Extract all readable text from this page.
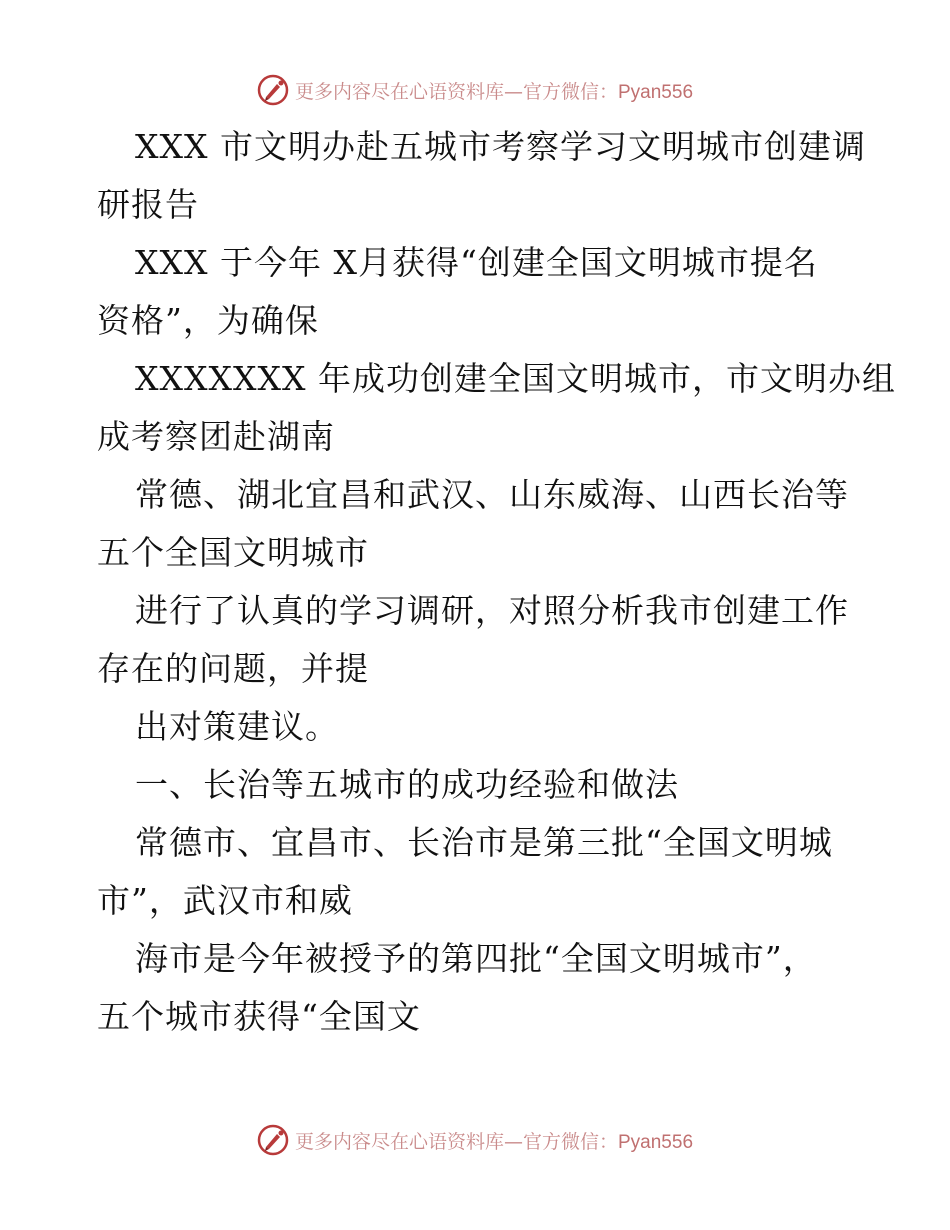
更多内容尽在心语资料库—官方微信：Pyan556
XXX 市文明办赴五城市考察学习文明城市创建调
研报告
XXX 于今年 X月获得“创建全国文明城市提名
资格”，为确保
XXXXXXX 年成功创建全国文明城市，市文明办组
成考察团赴湖南
常德、湖北宜昌和武汉、山东威海、山西长治等
五个全国文明城市
进行了认真的学习调研，对照分析我市创建工作
存在的问题，并提
出对策建议。
一、长治等五城市的成功经验和做法
常德市、宜昌市、长治市是第三批“全国文明城
市”，武汉市和威
海市是今年被授予的第四批“全国文明城市”，
五个城市获得“全国文
更多内容尽在心语资料库—官方微信：Pyan556
